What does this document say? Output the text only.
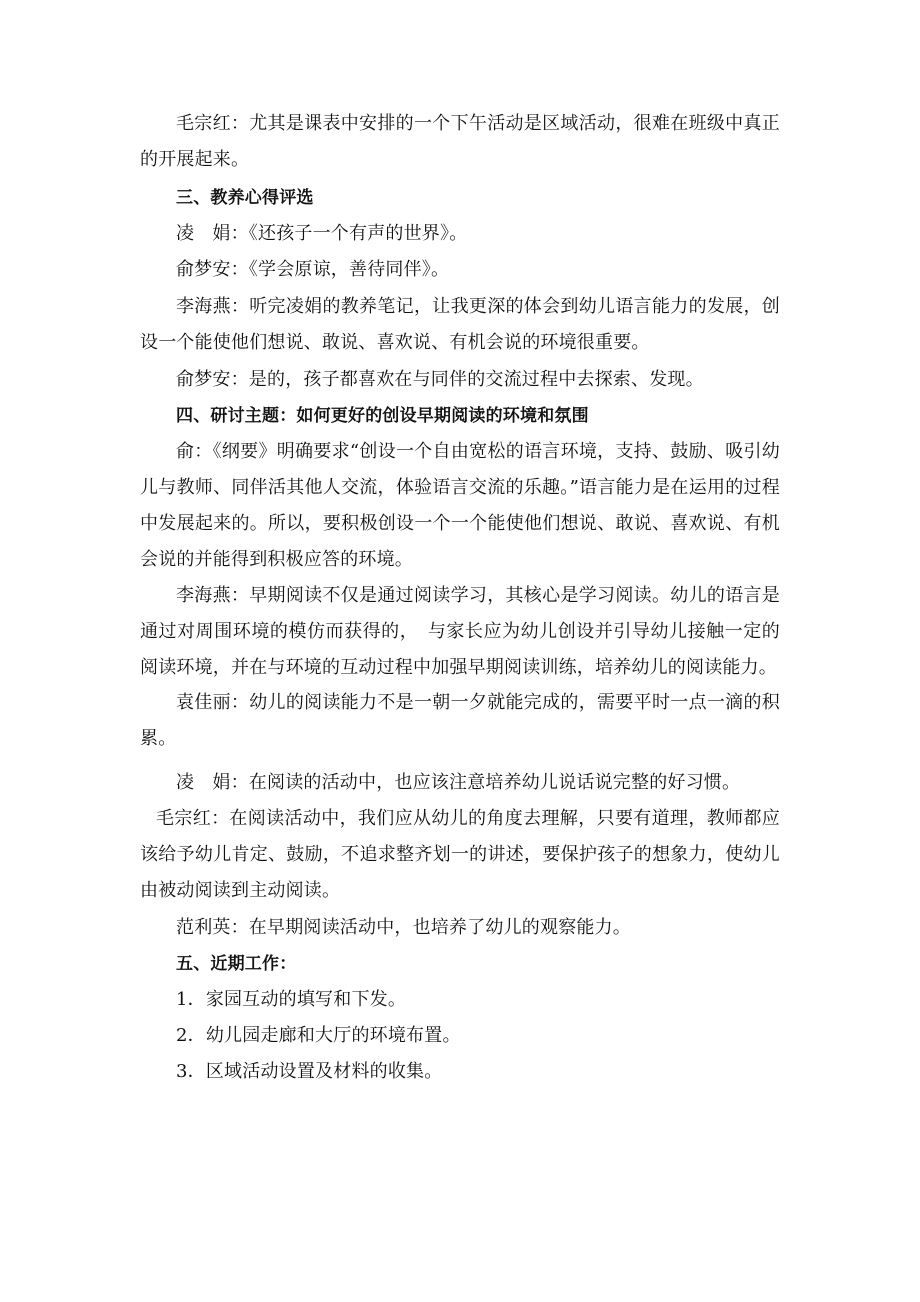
毛宗红：尤其是课表中安排的一个下午活动是区域活动，很难在班级中真正的开展起来。

三、教养心得评选

凌　娟：《还孩子一个有声的世界》。

俞梦安：《学会原谅，善待同伴》。

李海燕：听完凌娟的教养笔记，让我更深的体会到幼儿语言能力的发展，创设一个能使他们想说、敢说、喜欢说、有机会说的环境很重要。

俞梦安：是的，孩子都喜欢在与同伴的交流过程中去探索、发现。

四、研讨主题：如何更好的创设早期阅读的环境和氛围

俞：《纲要》明确要求“创设一个自由宽松的语言环境，支持、鼓励、吸引幼儿与教师、同伴活其他人交流，体验语言交流的乐趣。”语言能力是在运用的过程中发展起来的。所以，要积极创设一个一个能使他们想说、敢说、喜欢说、有机会说的并能得到积极应答的环境。

李海燕：早期阅读不仅是通过阅读学习，其核心是学习阅读。幼儿的语言是通过对周围环境的模仿而获得的，　与家长应为幼儿创设并引导幼儿接触一定的阅读环境，并在与环境的互动过程中加强早期阅读训练，培养幼儿的阅读能力。

袁佳丽：幼儿的阅读能力不是一朝一夕就能完成的，需要平时一点一滴的积累。

凌　娟：在阅读的活动中，也应该注意培养幼儿说话说完整的好习惯。

毛宗红：在阅读活动中，我们应从幼儿的角度去理解，只要有道理，教师都应该给予幼儿肯定、鼓励，不追求整齐划一的讲述，要保护孩子的想象力，使幼儿由被动阅读到主动阅读。

范利英：在早期阅读活动中，也培养了幼儿的观察能力。

五、近期工作：

1．家园互动的填写和下发。

2．幼儿园走廊和大厅的环境布置。

3．区域活动设置及材料的收集。
